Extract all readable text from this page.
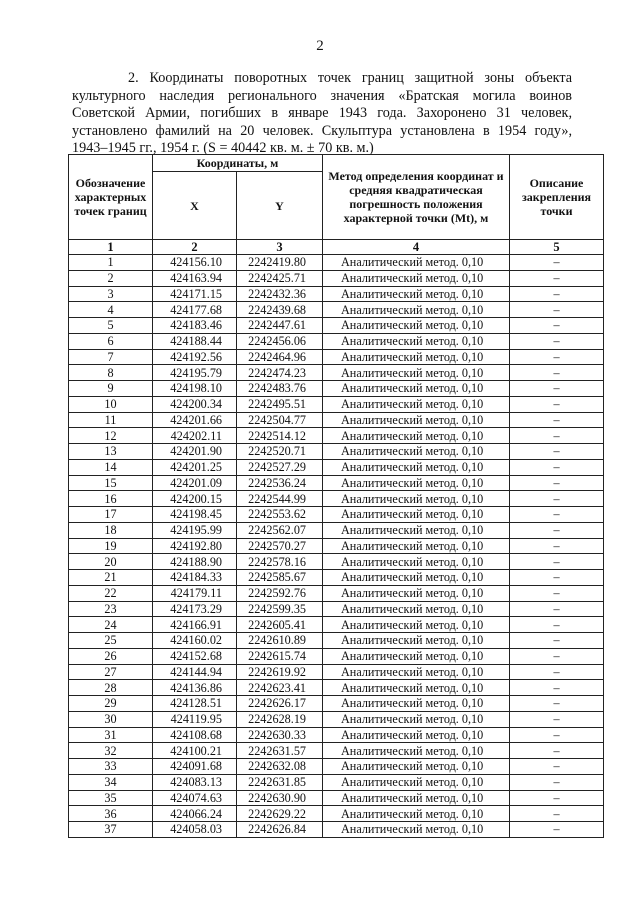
2
2. Координаты поворотных точек границ защитной зоны объекта
культурного наследия регионального значения «Братская могила воинов
Советской Армии, погибших в январе 1943 года. Захоронено 31 человек,
установлено фамилий на 20 человек. Скульптура установлена в 1954 году»,
1943–1945 гг., 1954 г. (S = 40442 кв. м. ± 70 кв. м.)
Обозначение характерных точек границ	Координаты, м		Метод определения координат и средняя квадратическая погрешность положения характерной точки (Mt), м	Описание закрепления точки
	X	Y		
1	2	3	4	5
1	424156.10	2242419.80	Аналитический метод. 0,10	–
2	424163.94	2242425.71	Аналитический метод. 0,10	–
3	424171.15	2242432.36	Аналитический метод. 0,10	–
4	424177.68	2242439.68	Аналитический метод. 0,10	–
5	424183.46	2242447.61	Аналитический метод. 0,10	–
6	424188.44	2242456.06	Аналитический метод. 0,10	–
7	424192.56	2242464.96	Аналитический метод. 0,10	–
8	424195.79	2242474.23	Аналитический метод. 0,10	–
9	424198.10	2242483.76	Аналитический метод. 0,10	–
10	424200.34	2242495.51	Аналитический метод. 0,10	–
11	424201.66	2242504.77	Аналитический метод. 0,10	–
12	424202.11	2242514.12	Аналитический метод. 0,10	–
13	424201.90	2242520.71	Аналитический метод. 0,10	–
14	424201.25	2242527.29	Аналитический метод. 0,10	–
15	424201.09	2242536.24	Аналитический метод. 0,10	–
16	424200.15	2242544.99	Аналитический метод. 0,10	–
17	424198.45	2242553.62	Аналитический метод. 0,10	–
18	424195.99	2242562.07	Аналитический метод. 0,10	–
19	424192.80	2242570.27	Аналитический метод. 0,10	–
20	424188.90	2242578.16	Аналитический метод. 0,10	–
21	424184.33	2242585.67	Аналитический метод. 0,10	–
22	424179.11	2242592.76	Аналитический метод. 0,10	–
23	424173.29	2242599.35	Аналитический метод. 0,10	–
24	424166.91	2242605.41	Аналитический метод. 0,10	–
25	424160.02	2242610.89	Аналитический метод. 0,10	–
26	424152.68	2242615.74	Аналитический метод. 0,10	–
27	424144.94	2242619.92	Аналитический метод. 0,10	–
28	424136.86	2242623.41	Аналитический метод. 0,10	–
29	424128.51	2242626.17	Аналитический метод. 0,10	–
30	424119.95	2242628.19	Аналитический метод. 0,10	–
31	424108.68	2242630.33	Аналитический метод. 0,10	–
32	424100.21	2242631.57	Аналитический метод. 0,10	–
33	424091.68	2242632.08	Аналитический метод. 0,10	–
34	424083.13	2242631.85	Аналитический метод. 0,10	–
35	424074.63	2242630.90	Аналитический метод. 0,10	–
36	424066.24	2242629.22	Аналитический метод. 0,10	–
37	424058.03	2242626.84	Аналитический метод. 0,10	–
